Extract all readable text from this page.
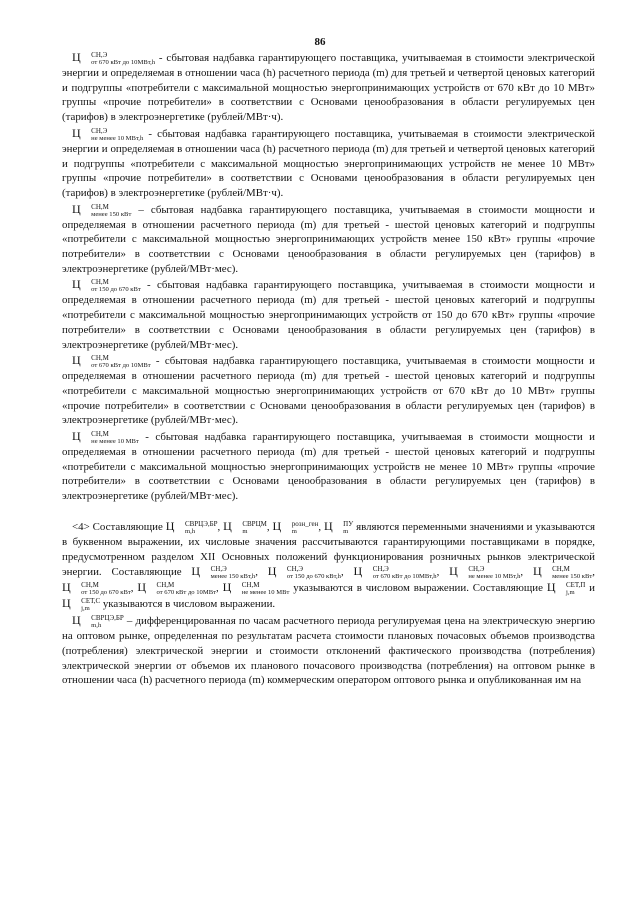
86
Ц	СН,Э
от 670 кВт до 10МВт,h - сбытовая надбавка гарантирующего поставщика, учитываемая в стоимости электрической энергии и определяемая в отношении часа (h) расчетного периода (m) для третьей и четвертой ценовых категорий и подгруппы «потребители с максимальной мощностью энергопринимающих устройств от 670 кВт до 10 МВт» группы «прочие потребители» в соответствии с Основами ценообразования в области регулируемых цен (тарифов) в электроэнергетике (рублей/МВт·ч).
Ц	СН,Э
не менее 10 МВт,h - сбытовая надбавка гарантирующего поставщика, учитываемая в стоимости электрической энергии и определяемая в отношении часа (h) расчетного периода (m) для третьей и четвертой ценовых категорий и подгруппы «потребители с максимальной мощностью энергопринимающих устройств не менее 10 МВт» группы «прочие потребители» в соответствии с Основами ценообразования в области регулируемых цен (тарифов) в электроэнергетике (рублей/МВт·ч).
Ц	СН,М
менее 150 кВт – сбытовая надбавка гарантирующего поставщика, учитываемая в стоимости мощности и определяемая в отношении расчетного периода (m) для третьей - шестой ценовых категорий и подгруппы «потребители с максимальной мощностью энергопринимающих устройств менее 150 кВт» группы «прочие потребители» в соответствии с Основами ценообразования в области регулируемых цен (тарифов) в электроэнергетике (рублей/МВт·мес).
Ц	СН,М
от 150 до 670 кВт - сбытовая надбавка гарантирующего поставщика, учитываемая в стоимости мощности и определяемая в отношении расчетного периода (m) для третьей - шестой ценовых категорий и подгруппы «потребители с максимальной мощностью энергопринимающих устройств от 150 до 670 кВт» группы «прочие потребители» в соответствии с Основами ценообразования в области регулируемых цен (тарифов) в электроэнергетике (рублей/МВт·мес).
Ц	СН,М
от 670 кВт до 10МВт - сбытовая надбавка гарантирующего поставщика, учитываемая в стоимости мощности и определяемая в отношении расчетного периода (m) для третьей - шестой ценовых категорий и подгруппы «потребители с максимальной мощностью энергопринимающих устройств от 670 кВт до 10 МВт» группы «прочие потребители» в соответствии с Основами ценообразования в области регулируемых цен (тарифов) в электроэнергетике (рублей/МВт·мес).
Ц	СН,М
не менее 10 МВт - сбытовая надбавка гарантирующего поставщика, учитываемая в стоимости мощности и определяемая в отношении расчетного периода (m) для третьей - шестой ценовых категорий и подгруппы «потребители с максимальной мощностью энергопринимающих устройств не менее 10 МВт» группы «прочие потребители» в соответствии с Основами ценообразования в области регулируемых цен (тарифов) в электроэнергетике (рублей/МВт·мес).
<4> Составляющие Ц	СВРЦЭ,БР
m,h	, Ц	СВРЦМ
m	, Ц	розн_ген
m	, Ц	ПУ
m являются переменными значениями и указываются в буквенном выражении, их числовые значения рассчитываются гарантирующими поставщиками в порядке, предусмотренном разделом XII Основных положений функционирования розничных рынков электрической энергии. Составляющие Ц	СН,Э
менее 150 кВт,h , Ц	СН,Э
от 150 до 670 кВт,h , Ц	СН,Э
от 670 кВт до 10МВт,h , Ц	СН,Э
не менее 10 МВт,h , Ц	СН,М
менее 150 кВт , Ц	СН,М
от 150 до 670 кВт , Ц	СН,М
от 670 кВт до 10МВт , Ц	СН,М
не менее 10 МВт указываются в числовом выражении. Составляющие Ц	СЕТ,П
j,m и Ц	СЕТ,С
j,m указываются в числовом выражении.
Ц	СВРЦЭ,БР
m,h	– дифференцированная по часам расчетного периода регулируемая цена на электрическую энергию на оптовом рынке, определенная по результатам расчета стоимости плановых почасовых объемов производства (потребления) электрической энергии и стоимости отклонений фактического производства (потребления) электрической энергии от объемов их планового почасового производства (потребления) на оптовом рынке в отношении часа (h) расчетного периода (m) коммерческим оператором оптового рынка и опубликованная им на
